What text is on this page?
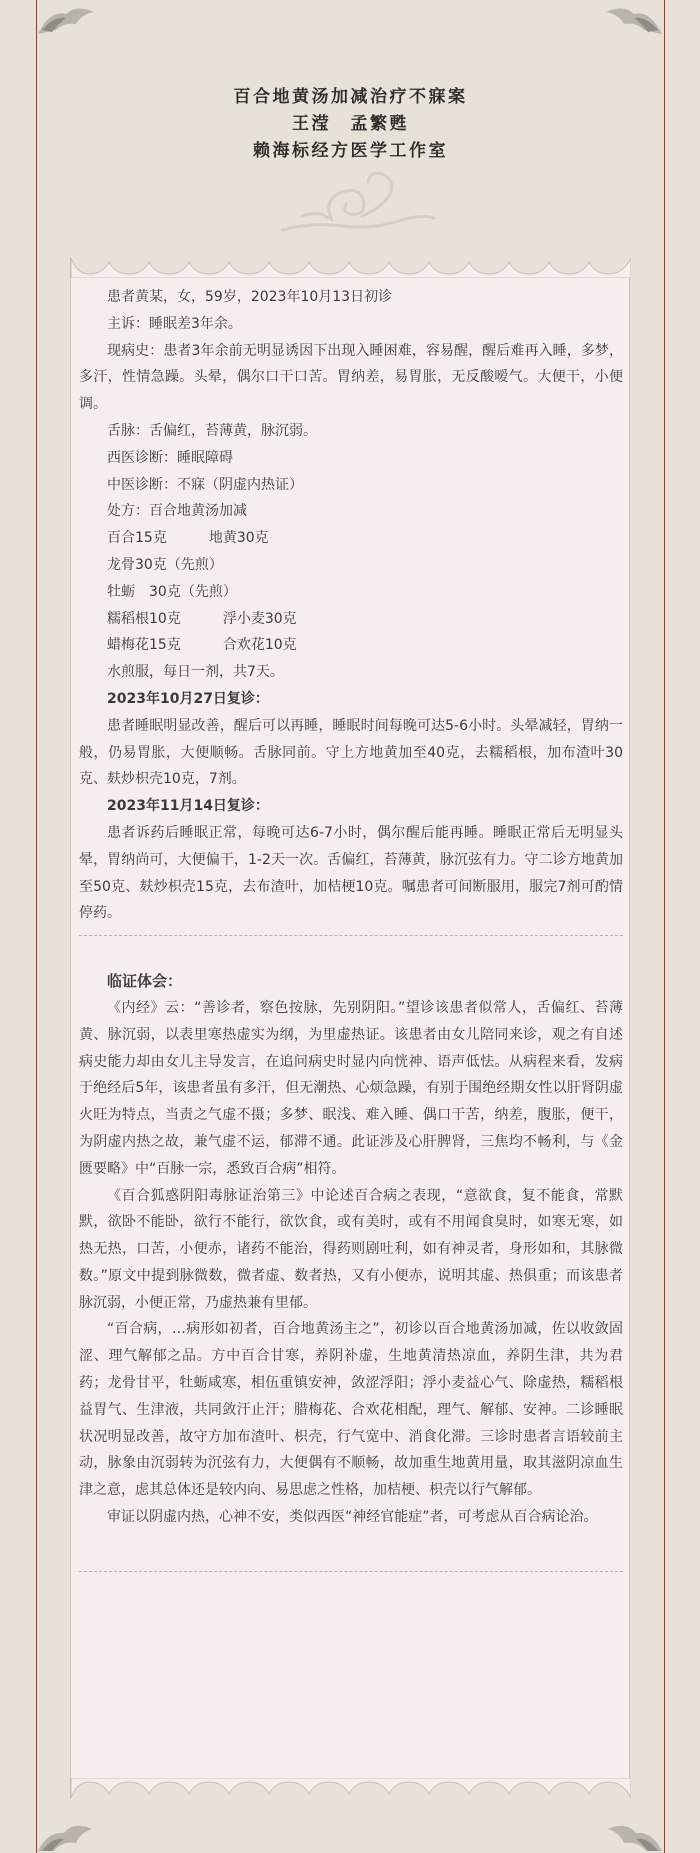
百合地黄汤加减治疗不寐案
王滢　孟繁甦
赖海标经方医学工作室

患者黄某，女，59岁，2023年10月13日初诊

主诉：睡眠差3年余。

现病史：患者3年余前无明显诱因下出现入睡困难，容易醒，醒后难再入睡，多梦，多汗，性情急躁。头晕，偶尔口干口苦。胃纳差，易胃胀，无反酸嗳气。大便干，小便调。

舌脉：舌偏红，苔薄黄，脉沉弱。

西医诊断：睡眠障碍

中医诊断：不寐（阴虚内热证）

处方：百合地黄汤加减

百合15克　　　地黄30克

龙骨30克（先煎）

牡蛎　30克（先煎）

糯稻根10克　　　浮小麦30克

蜡梅花15克　　　合欢花10克

水煎服，每日一剂，共7天。

2023年10月27日复诊：

患者睡眠明显改善，醒后可以再睡，睡眠时间每晚可达5-6小时。头晕减轻，胃纳一般，仍易胃胀，大便顺畅。舌脉同前。守上方地黄加至40克，去糯稻根，加布渣叶30克、麸炒枳壳10克，7剂。

2023年11月14日复诊：

患者诉药后睡眠正常，每晚可达6-7小时，偶尔醒后能再睡。睡眠正常后无明显头晕，胃纳尚可，大便偏干，1-2天一次。舌偏红，苔薄黄，脉沉弦有力。守二诊方地黄加至50克、麸炒枳壳15克，去布渣叶，加桔梗10克。嘱患者可间断服用，服完7剂可酌情停药。

临证体会：

《内经》云：“善诊者，察色按脉，先别阴阳。”望诊该患者似常人，舌偏红、苔薄黄、脉沉弱，以表里寒热虚实为纲，为里虚热证。该患者由女儿陪同来诊，观之有自述病史能力却由女儿主导发言，在追问病史时显内向恍神、语声低怯。从病程来看，发病于绝经后5年，该患者虽有多汗，但无潮热、心烦急躁，有别于围绝经期女性以肝肾阴虚火旺为特点，当责之气虚不摄；多梦、眠浅、难入睡、偶口干苦，纳差，腹胀，便干，为阴虚内热之故，兼气虚不运，郁滞不通。此证涉及心肝脾肾，三焦均不畅利，与《金匮要略》中“百脉一宗，悉致百合病”相符。

《百合狐惑阴阳毒脉证治第三》中论述百合病之表现，“意欲食，复不能食，常默默，欲卧不能卧，欲行不能行，欲饮食，或有美时，或有不用闻食臭时，如寒无寒，如热无热，口苦，小便赤，诸药不能治，得药则剧吐利，如有神灵者，身形如和，其脉微数。”原文中提到脉微数，微者虚、数者热，又有小便赤，说明其虚、热俱重；而该患者脉沉弱，小便正常，乃虚热兼有里郁。

“百合病，…病形如初者，百合地黄汤主之”，初诊以百合地黄汤加减，佐以收敛固涩、理气解郁之品。方中百合甘寒，养阴补虚，生地黄清热凉血，养阴生津，共为君药；龙骨甘平，牡蛎咸寒，相伍重镇安神，敛涩浮阳；浮小麦益心气、除虚热，糯稻根益胃气、生津液，共同敛汗止汗；腊梅花、合欢花相配，理气、解郁、安神。二诊睡眠状况明显改善，故守方加布渣叶、枳壳，行气宽中、消食化滞。三诊时患者言语较前主动，脉象由沉弱转为沉弦有力，大便偶有不顺畅，故加重生地黄用量，取其滋阴凉血生津之意，虑其总体还是较内向、易思虑之性格，加桔梗、枳壳以行气解郁。

审证以阴虚内热，心神不安，类似西医“神经官能症”者，可考虑从百合病论治。
